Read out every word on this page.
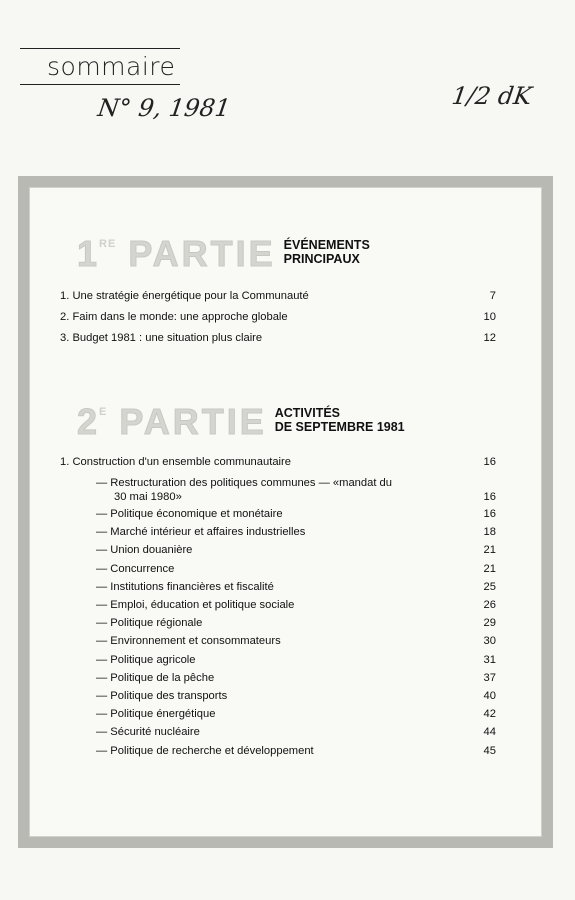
sommaire
N° 9, 1981	1/2 dK
1 RE PARTIE ÉVÉNEMENTS
PRINCIPAUX
1. Une stratégie énergétique pour la Communauté	7
2. Faim dans le monde: une approche globale	10
3. Budget 1981 : une situation plus claire	12
2 E PARTIE ACTIVITÉS
DE SEPTEMBRE 1981
1. Construction d'un ensemble communautaire	16
— Restructuration des politiques communes — «mandat du
30 mai 1980»	16
— Politique économique et monétaire	16
— Marché intérieur et affaires industrielles	18
— Union douanière	21
— Concurrence	21
— Institutions financières et fiscalité	25
— Emploi, éducation et politique sociale	26
— Politique régionale	29
— Environnement et consommateurs	30
— Politique agricole	31
— Politique de la pêche	37
— Politique des transports	40
— Politique énergétique	42
— Sécurité nucléaire	44
— Politique de recherche et développement	45
